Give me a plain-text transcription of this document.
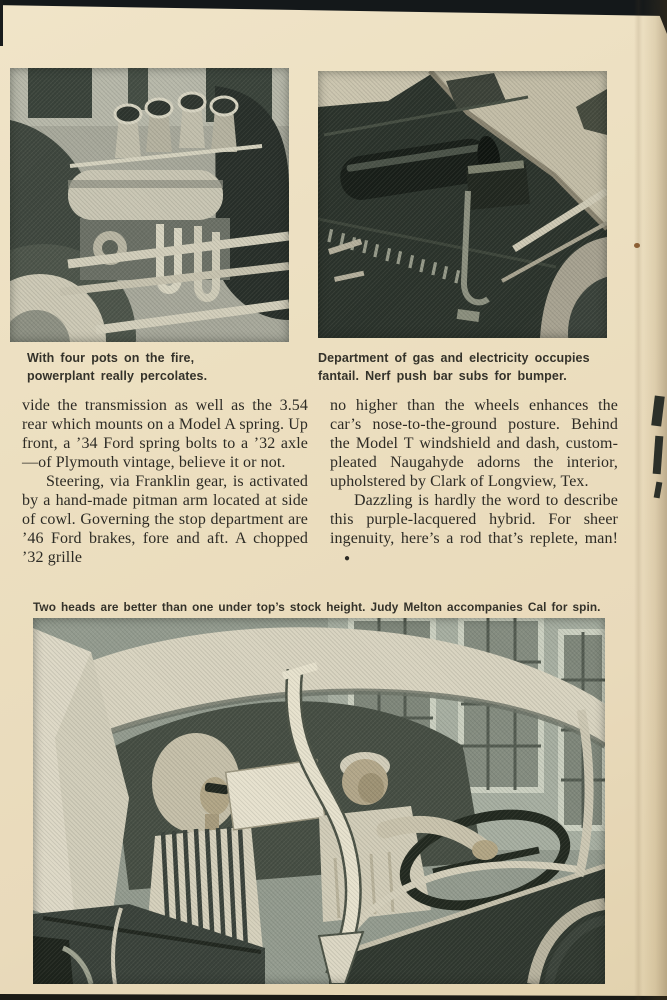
With four pots on the fire,
powerplant really percolates.
Department of gas and electricity occupies
fantail. Nerf push bar subs for bumper.

vide the transmission as well as the 3.54 rear which mounts on a Model A spring. Up front, a ’34 Ford spring bolts to a ’32 axle—of Plymouth vintage, believe it or not.

Steering, via Franklin gear, is activated by a hand-made pitman arm located at side of cowl. Governing the stop department are ’46 Ford brakes, fore and aft. A chopped ’32 grille

no higher than the wheels enhances the car’s nose-to-the-ground posture. Behind the Model T windshield and dash, custom-pleated Naugahyde adorns the interior, upholstered by Clark of Longview, Tex.

Dazzling is hardly the word to describe this purple-lacquered hybrid. For sheer ingenuity, here’s a rod that’s replete, man!●

Two heads are better than one under top’s stock height. Judy Melton accompanies Cal for spin.
